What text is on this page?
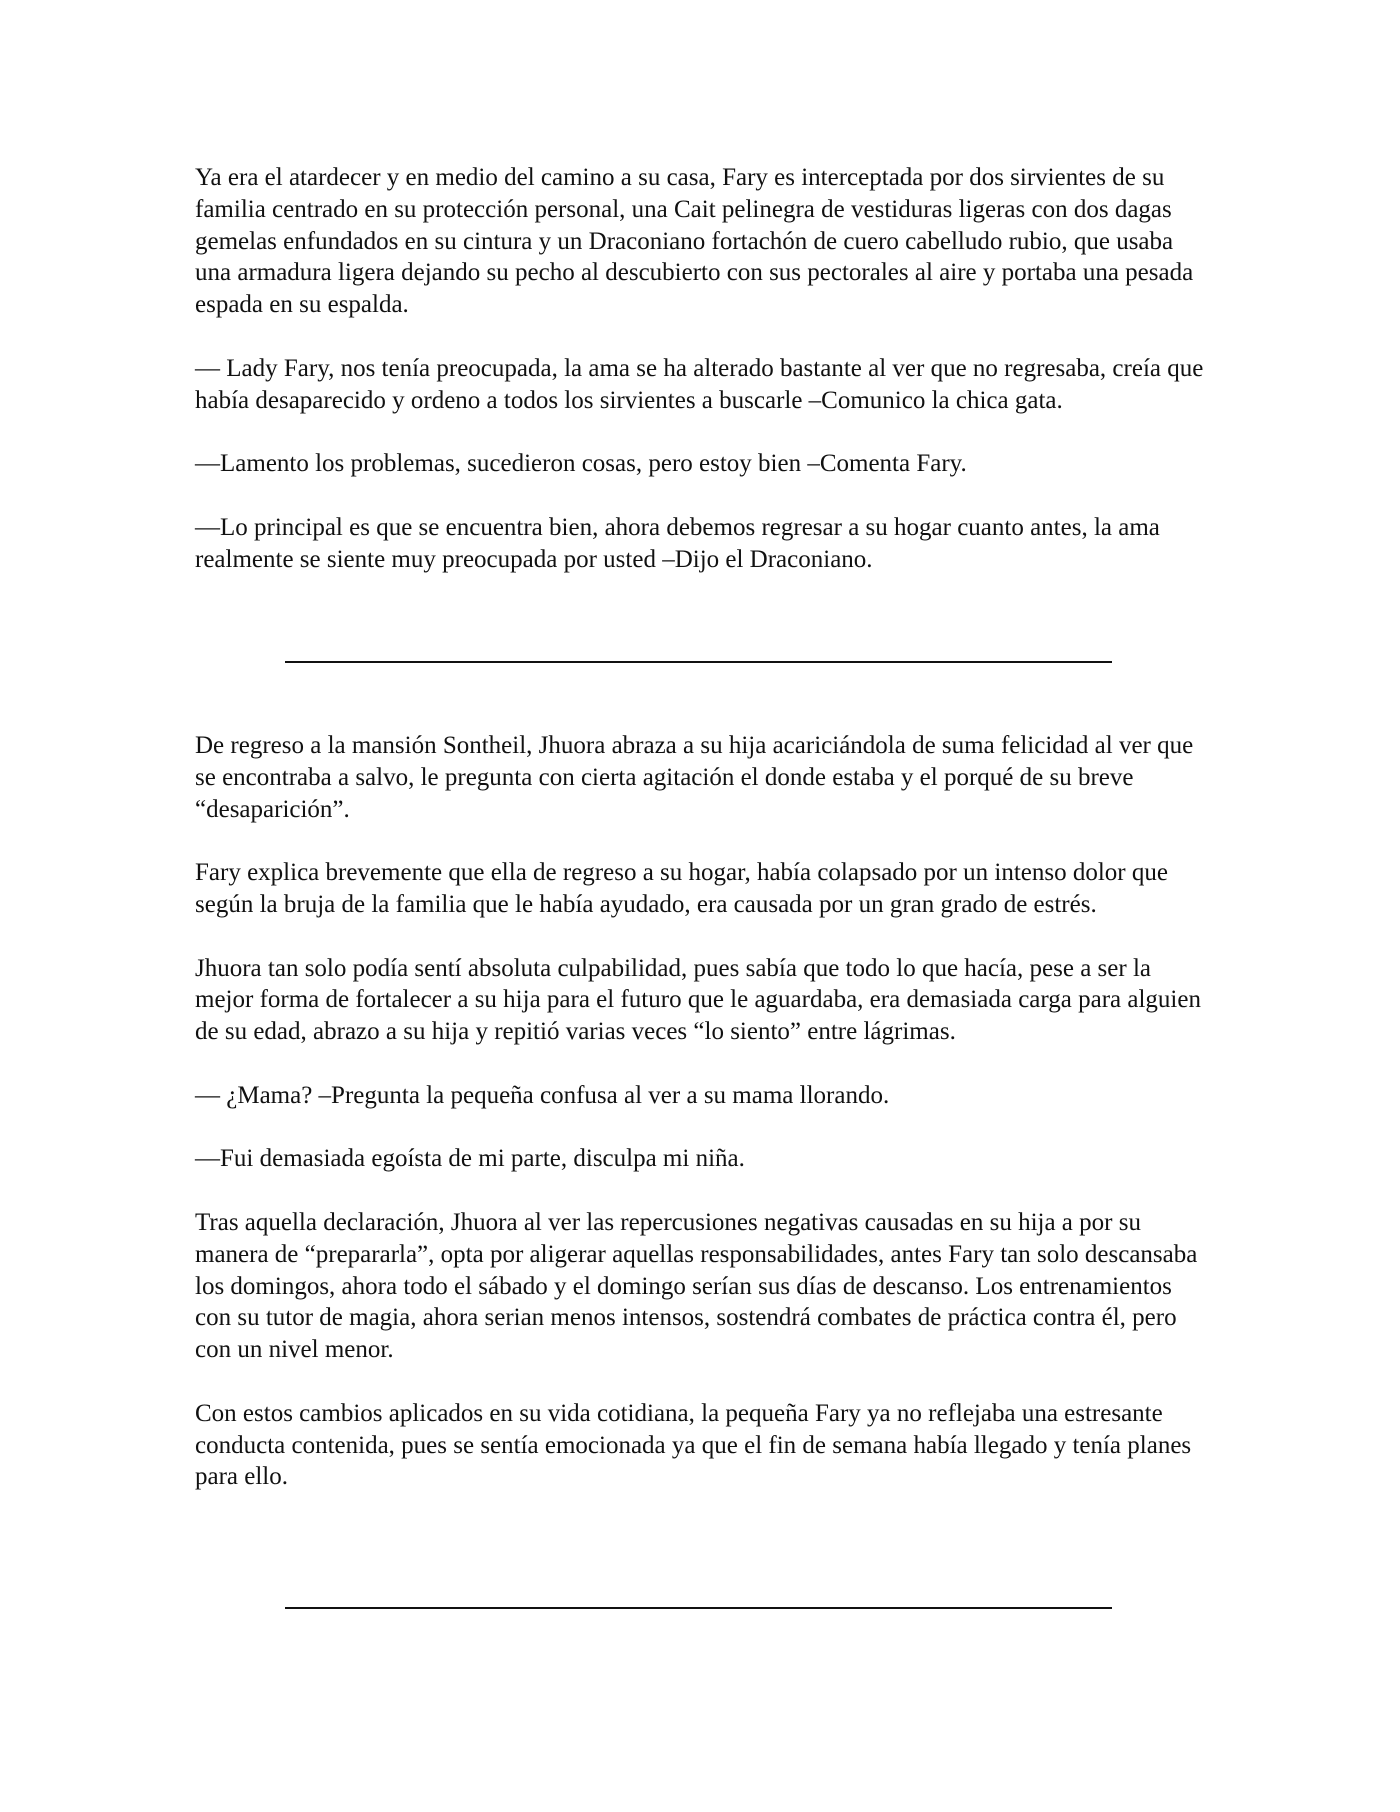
Ya era el atardecer y en medio del camino a su casa, Fary es interceptada por dos sirvientes de su familia centrado en su protección personal, una Cait pelinegra de vestiduras ligeras con dos dagas gemelas enfundados en su cintura y un Draconiano fortachón de cuero cabelludo rubio, que usaba una armadura ligera dejando su pecho al descubierto con sus pectorales al aire y portaba una pesada espada en su espalda.

— Lady Fary, nos tenía preocupada, la ama se ha alterado bastante al ver que no regresaba, creía que había desaparecido y ordeno a todos los sirvientes a buscarle –Comunico la chica gata.

—Lamento los problemas, sucedieron cosas, pero estoy bien –Comenta Fary.

—Lo principal es que se encuentra bien, ahora debemos regresar a su hogar cuanto antes, la ama realmente se siente muy preocupada por usted –Dijo el Draconiano.

De regreso a la mansión Sontheil, Jhuora abraza a su hija acariciándola de suma felicidad al ver que se encontraba a salvo, le pregunta con cierta agitación el donde estaba y el porqué de su breve “desaparición”.

Fary explica brevemente que ella de regreso a su hogar, había colapsado por un intenso dolor que según la bruja de la familia que le había ayudado, era causada por un gran grado de estrés.

Jhuora tan solo podía sentí absoluta culpabilidad, pues sabía que todo lo que hacía, pese a ser la mejor forma de fortalecer a su hija para el futuro que le aguardaba, era demasiada carga para alguien de su edad, abrazo a su hija y repitió varias veces “lo siento” entre lágrimas.

— ¿Mama? –Pregunta la pequeña confusa al ver a su mama llorando.

—Fui demasiada egoísta de mi parte, disculpa mi niña.

Tras aquella declaración, Jhuora al ver las repercusiones negativas causadas en su hija a por su manera de “prepararla”, opta por aligerar aquellas responsabilidades, antes Fary tan solo descansaba los domingos, ahora todo el sábado y el domingo serían sus días de descanso. Los entrenamientos con su tutor de magia, ahora serian menos intensos, sostendrá combates de práctica contra él, pero con un nivel menor.

Con estos cambios aplicados en su vida cotidiana, la pequeña Fary ya no reflejaba una estresante conducta contenida, pues se sentía emocionada ya que el fin de semana había llegado y tenía planes para ello.
